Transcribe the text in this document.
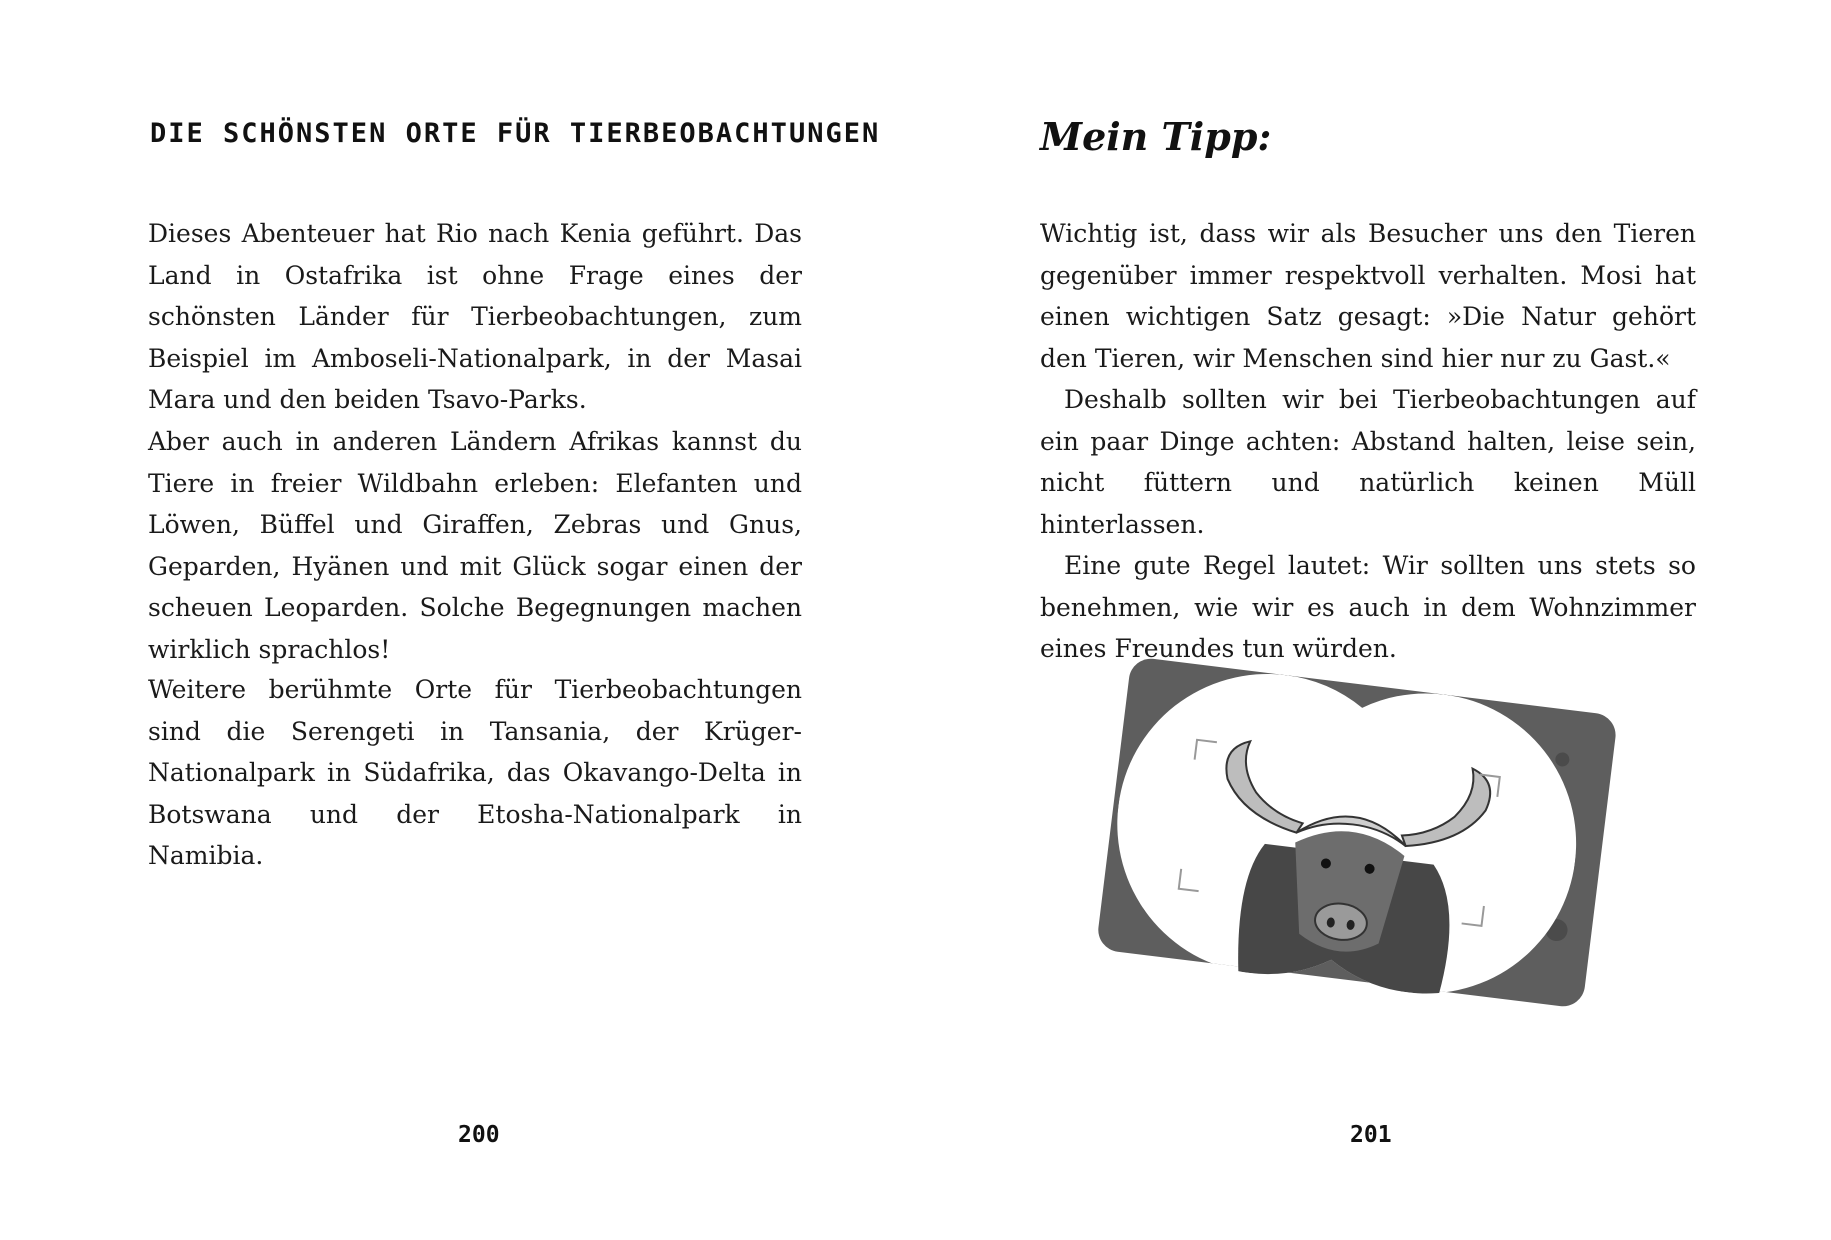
DIE SCHÖNSTEN ORTE FÜR TIERBEOBACHTUNGEN

Dieses Abenteuer hat Rio nach Kenia geführt. Das Land in Ostafrika ist ohne Frage eines der schönsten Länder für Tierbeobachtungen, zum Beispiel im Amboseli-Nationalpark, in der Masai Mara und den beiden Tsavo-Parks.

Aber auch in anderen Ländern Afrikas kannst du Tiere in freier Wildbahn erleben: Elefanten und Löwen, Büffel und Giraffen, Zebras und Gnus, Geparden, Hyänen und mit Glück sogar einen der scheuen Leoparden. Solche Begegnungen machen wirklich sprachlos!

Weitere berühmte Orte für Tierbeobachtungen sind die Serengeti in Tansania, der Krüger-Nationalpark in Südafrika, das Okavango-Delta in Botswana und der Etosha-Nationalpark in Namibia.

200
Mein Tipp:

Wichtig ist, dass wir als Besucher uns den Tieren gegenüber immer respektvoll verhalten. Mosi hat einen wichtigen Satz gesagt: »Die Natur gehört den Tieren, wir Menschen sind hier nur zu Gast.«

Deshalb sollten wir bei Tierbeobachtungen auf ein paar Dinge achten: Abstand halten, leise sein, nicht füttern und natürlich keinen Müll hinterlassen.

Eine gute Regel lautet: Wir sollten uns stets so benehmen, wie wir es auch in dem Wohnzimmer eines Freundes tun würden.

201
